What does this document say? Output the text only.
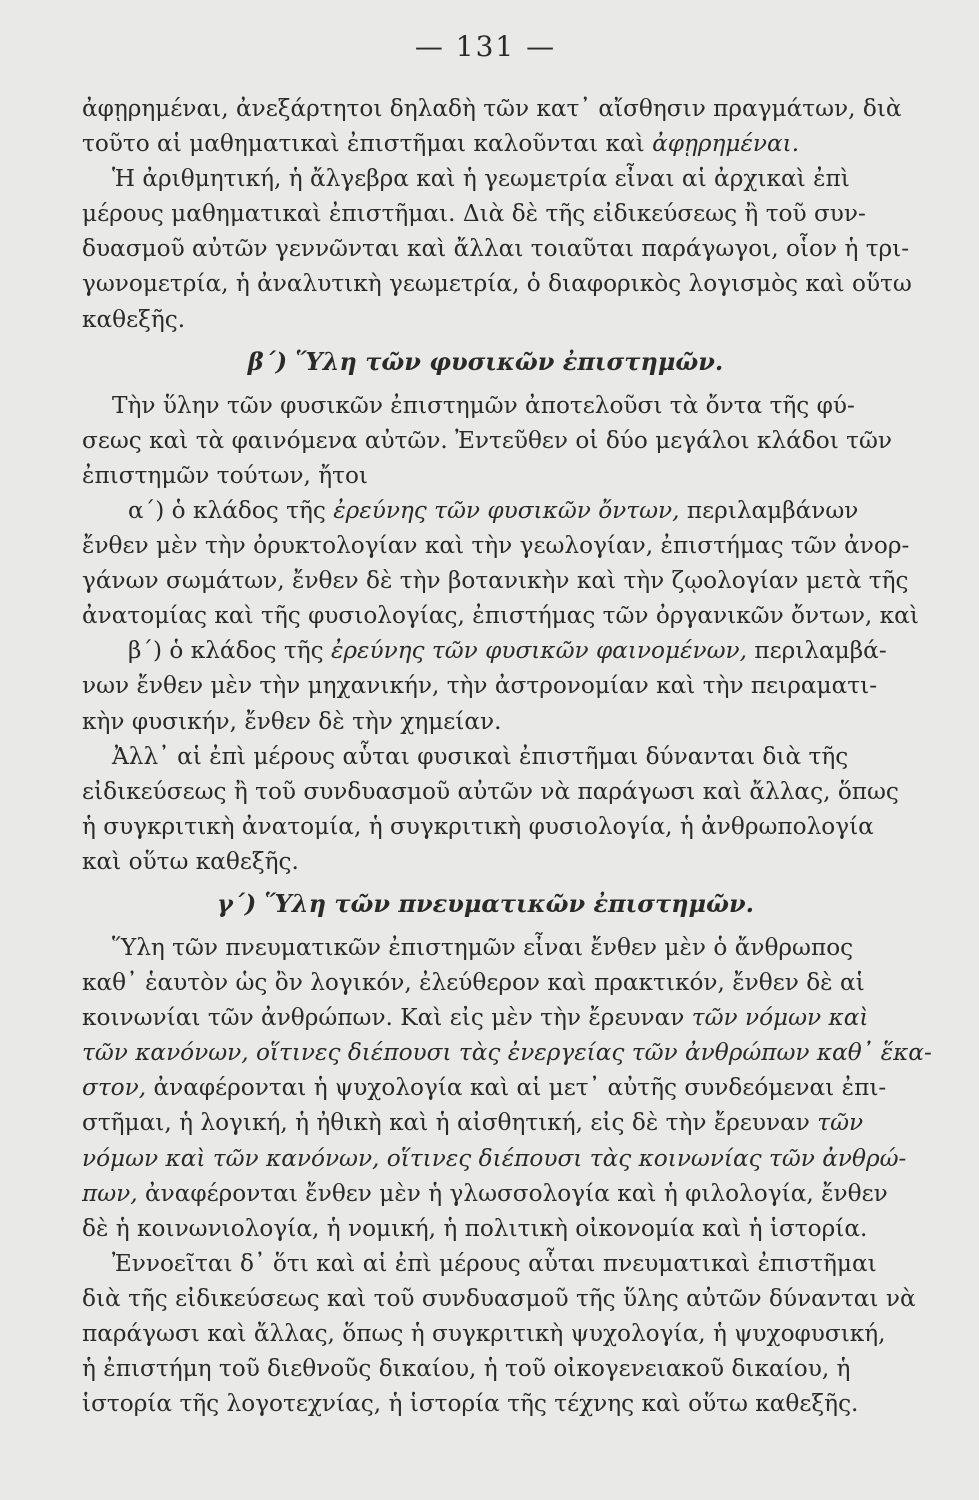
— 131 —
ἀφῃρημέναι, ἀνεξάρτητοι δηλαδὴ τῶν κατ᾽ αἴσθησιν πραγμάτων, διὰ
τοῦτο αἱ μαθηματικαὶ ἐπιστῆμαι καλοῦνται καὶ ἀφῃρημέναι.
Ἡ ἀριθμητική, ἡ ἄλγεβρα καὶ ἡ γεωμετρία εἶναι αἱ ἀρχικαὶ ἐπὶ
μέρους μαθηματικαὶ ἐπιστῆμαι. Διὰ δὲ τῆς εἰδικεύσεως ἢ τοῦ συν-
δυασμοῦ αὐτῶν γεννῶνται καὶ ἄλλαι τοιαῦται παράγωγοι, οἷον ἡ τρι-
γωνομετρία, ἡ ἀναλυτικὴ γεωμετρία, ὁ διαφορικὸς λογισμὸς καὶ οὕτω
καθεξῆς.
β΄) Ὕλη τῶν φυσικῶν ἐπιστημῶν.
Τὴν ὕλην τῶν φυσικῶν ἐπιστημῶν ἀποτελοῦσι τὰ ὄντα τῆς φύ-
σεως καὶ τὰ φαινόμενα αὐτῶν. Ἐντεῦθεν οἱ δύο μεγάλοι κλάδοι τῶν
ἐπιστημῶν τούτων, ἤτοι
α΄) ὁ κλάδος τῆς ἐρεύνης τῶν φυσικῶν ὄντων, περιλαμβάνων
ἔνθεν μὲν τὴν ὀρυκτολογίαν καὶ τὴν γεωλογίαν, ἐπιστήμας τῶν ἀνορ-
γάνων σωμάτων, ἔνθεν δὲ τὴν βοτανικὴν καὶ τὴν ζῳολογίαν μετὰ τῆς
ἀνατομίας καὶ τῆς φυσιολογίας, ἐπιστήμας τῶν ὀργανικῶν ὄντων, καὶ
β΄) ὁ κλάδος τῆς ἐρεύνης τῶν φυσικῶν φαινομένων, περιλαμβά-
νων ἔνθεν μὲν τὴν μηχανικήν, τὴν ἀστρονομίαν καὶ τὴν πειραματι-
κὴν φυσικήν, ἔνθεν δὲ τὴν χημείαν.
Ἀλλ᾽ αἱ ἐπὶ μέρους αὗται φυσικαὶ ἐπιστῆμαι δύνανται διὰ τῆς
εἰδικεύσεως ἢ τοῦ συνδυασμοῦ αὐτῶν νὰ παράγωσι καὶ ἄλλας, ὅπως
ἡ συγκριτικὴ ἀνατομία, ἡ συγκριτικὴ φυσιολογία, ἡ ἀνθρωπολογία
καὶ οὕτω καθεξῆς.
γ΄) Ὕλη τῶν πνευματικῶν ἐπιστημῶν.
Ὕλη τῶν πνευματικῶν ἐπιστημῶν εἶναι ἔνθεν μὲν ὁ ἄνθρωπος
καθ᾽ ἑαυτὸν ὡς ὂν λογικόν, ἐλεύθερον καὶ πρακτικόν, ἔνθεν δὲ αἱ
κοινωνίαι τῶν ἀνθρώπων. Καὶ εἰς μὲν τὴν ἔρευναν τῶν νόμων καὶ
τῶν κανόνων, οἵτινες διέπουσι τὰς ἐνεργείας τῶν ἀνθρώπων καθ᾽ ἕκα-
στον, ἀναφέρονται ἡ ψυχολογία καὶ αἱ μετ᾽ αὐτῆς συνδεόμεναι ἐπι-
στῆμαι, ἡ λογική, ἡ ἠθικὴ καὶ ἡ αἰσθητική, εἰς δὲ τὴν ἔρευναν τῶν
νόμων καὶ τῶν κανόνων, οἵτινες διέπουσι τὰς κοινωνίας τῶν ἀνθρώ-
πων, ἀναφέρονται ἔνθεν μὲν ἡ γλωσσολογία καὶ ἡ φιλολογία, ἔνθεν
δὲ ἡ κοινωνιολογία, ἡ νομική, ἡ πολιτικὴ οἰκονομία καὶ ἡ ἱστορία.
Ἐννοεῖται δ᾽ ὅτι καὶ αἱ ἐπὶ μέρους αὗται πνευματικαὶ ἐπιστῆμαι
διὰ τῆς εἰδικεύσεως καὶ τοῦ συνδυασμοῦ τῆς ὕλης αὐτῶν δύνανται νὰ
παράγωσι καὶ ἄλλας, ὅπως ἡ συγκριτικὴ ψυχολογία, ἡ ψυχοφυσική,
ἡ ἐπιστήμη τοῦ διεθνοῦς δικαίου, ἡ τοῦ οἰκογενειακοῦ δικαίου, ἡ
ἱστορία τῆς λογοτεχνίας, ἡ ἱστορία τῆς τέχνης καὶ οὕτω καθεξῆς.
